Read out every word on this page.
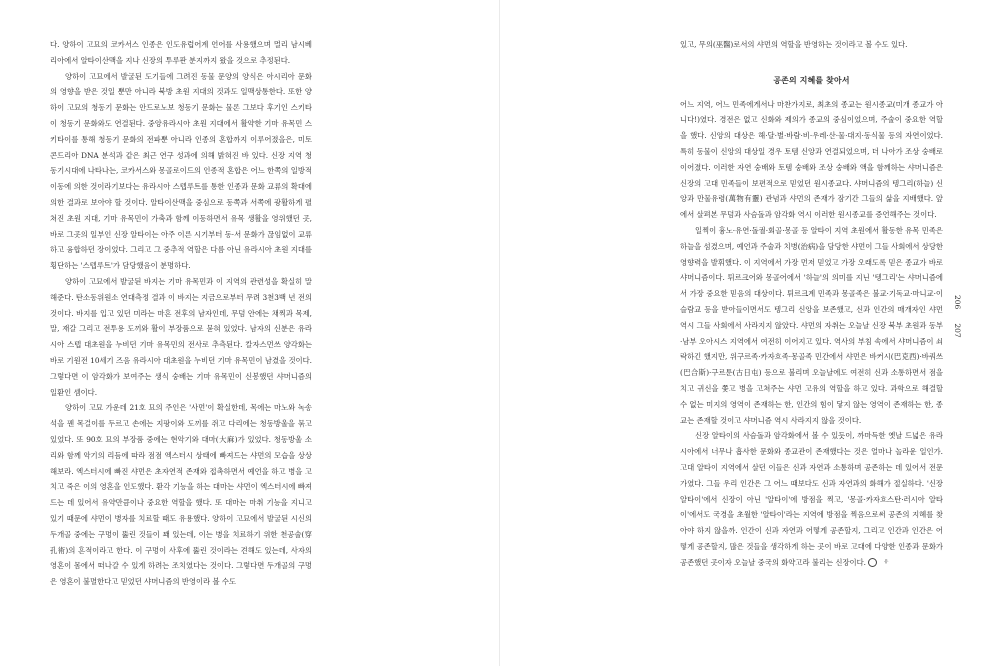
다. 양하이 고묘의 코카서스 인종은 인도유럽어계 언어를 사용했으며 멀리 남시베리아에서 알타이산맥을 지나 신장의 투루판 분지까지 왔을 것으로 추정된다.

양하이 고묘에서 발굴된 도기들에 그려진 동물 문양의 양식은 아시리아 문화의 영향을 받은 것일 뿐만 아니라 북방 초원 지대의 것과도 일맥상통한다. 또한 양하이 고묘의 청동기 문화는 안드로노보 청동기 문화는 물론 그보다 후기인 스키타이 청동기 문화와도 연결된다. 중앙유라시아 초원 지대에서 활약한 기마 유목민 스키타이를 통해 청동기 문화의 전파뿐 아니라 인종의 혼합까지 이루어졌을은, 미토콘드리아 DNA 분석과 같은 최근 연구 성과에 의해 밝혀진 바 있다. 신장 지역 청동기시대에 나타나는, 코카서스와 몽골로이드의 인종적 혼합은 어느 한쪽의 일방적 이동에 의한 것이라기보다는 유라시아 스텝루트를 통한 인종과 문화 교류의 확대에 의한 결과로 보아야 할 것이다. 알타이산맥을 중심으로 동쪽과 서쪽에 광활하게 펼쳐진 초원 지대, 기마 유목민이 가축과 함께 이동하면서 유목 생활을 영위했던 곳, 바로 그곳의 일부인 신장 알타이는 아주 이른 시기부터 동·서 문화가 끊임없이 교류하고 융합하던 장이었다. 그리고 그 중추적 역할은 다름 아닌 유라시아 초원 지대를 횡단하는 '스텝루트'가 담당했음이 분명하다.

양하이 고묘에서 발굴된 바지는 기마 유목민과 이 지역의 관련성을 확실히 말해준다. 탄소동위원소 연대측정 결과 이 바지는 지금으로부터 무려 3천3백 년 전의 것이다. 바지를 입고 있던 미라는 마흔 전후의 남자인데, 무덤 안에는 채찍과 목제, 말, 재갈 그리고 전투용 도끼와 활이 부장품으로 묻혀 있었다. 남자의 신분은 유라시아 스텝 대초원을 누비던 기마 유목민의 전사로 추측된다. 칼자스먼쓰 양각화는 바로 기원전 10세기 즈음 유라시아 대초원을 누비던 기마 유목민이 남겼을 것이다. 그렇다면 이 암각화가 보여주는 생식 숭배는 기마 유목민이 신봉했던 샤머니즘의 일환인 셈이다.

양하이 고묘 가운데 21호 묘의 주인은 '사먼'이 확실한데, 목에는 마노와 녹송석을 꿴 목걸이를 두르고 손에는 지팡이와 도끼를 쥐고 다리에는 청동방울을 묶고 있었다. 또 90호 묘의 부장품 중에는 현악기와 대마(大麻)가 있었다. 청동방울 소리와 함께 악기의 리듬에 따라 점점 엑스터시 상태에 빠져드는 샤먼의 모습을 상상해보라. 엑스터시에 빠진 샤먼은 초자연적 존재와 접촉하면서 예언을 하고 병을 고치고 죽은 이의 영혼을 인도했다. 환각 기능을 하는 대마는 샤먼이 엑스터시에 빠져드는 데 있어서 유약만큼이나 중요한 역할을 했다. 또 대마는 마취 기능을 지니고 있기 때문에 샤먼이 병자를 치료할 때도 유용했다. 양하이 고묘에서 발굴된 시신의 두개골 중에는 구멍이 뚫린 것들이 꽤 있는데, 이는 병을 치료하기 위한 천공술(穿孔術)의 흔적이라고 한다. 이 구멍이 사후에 뚫린 것이라는 견해도 있는데, 사자의 영혼이 몸에서 떠나갈 수 있게 하려는 조치였다는 것이다. 그렇다면 두개골의 구멍은 영혼이 불멸한다고 믿었던 샤머니즘의 반영이라 볼 수도

있고, 무의(巫醫)로서의 샤먼의 역할을 반영하는 것이라고 볼 수도 있다.

공존의 지혜를 찾아서

어느 지역, 어느 민족에게서나 마찬가지로, 최초의 종교는 원시종교(미개 종교가 아니다!)였다. 경전은 없고 신화와 제의가 종교의 중심이었으며, 주술이 중요한 역할을 했다. 신앙의 대상은 해·달·별·바람·비·우레·산·물·대지·동식물 등의 자연이었다. 특히 동물이 신앙의 대상일 경우 토템 신앙과 연결되었으며, 더 나아가 조상 숭배로 이어졌다. 이러한 자연 숭배와 토템 숭배와 조상 숭배와 액을 함께하는 샤머니즘은 신장의 고대 민족들이 보편적으로 믿었던 원시종교다. 샤머니즘의 텡그리(하늘) 신앙과 만물유령(萬物有靈) 관념과 샤먼의 존재가 잠기간 그들의 삶을 지배했다. 앞에서 살펴본 무덤과 사슴돌과 암각화 역시 이러한 원시종교를 증언해주는 것이다.

일찍이 흉노·유연·돌궐·회골·몽골 등 알타이 지역 초원에서 활동한 유목 민족은 하늘을 섬겼으며, 예언과 주술과 치병(治病)을 담당한 샤먼이 그들 사회에서 상당한 영향력을 발휘했다. 이 지역에서 가장 먼저 믿었고 가장 오래도록 믿은 종교가 바로 샤머니즘이다. 튀르크어와 몽골어에서 '하늘'의 의미를 지닌 '텡그리'는 샤머니즘에서 가장 중요한 믿음의 대상이다. 튀르크계 민족과 몽골족은 불교·기독교·마니교·이슬람교 등을 받아들이면서도 텡그리 신앙을 보존했고, 신과 인간의 매개자인 샤먼 역시 그들 사회에서 사라지지 않았다. 샤먼의 자취는 오늘날 신장 북부 초원과 동부·남부 오아시스 지역에서 여전히 이어지고 있다. 역사의 부침 속에서 샤머니즘이 쇠락하긴 했지만, 위구르족·카자흐족·몽골족 민간에서 샤먼은 바커시(巴克西)·바쿼쓰(巴合斯)·구르툰(古日屯) 등으로 불리며 오늘날에도 여전히 신과 소통하면서 점을 치고 귀신을 쫓고 병을 고쳐주는 샤먼 고유의 역할을 하고 있다. 과학으로 해결할 수 없는 미지의 영역이 존재하는 한, 인간의 힘이 닿지 않는 영역이 존재하는 한, 종교는 존재할 것이고 샤머니즘 역시 사라지지 않을 것이다.

신장 알타이의 사슴돌과 암각화에서 볼 수 있듯이, 까마득한 옛날 드넓은 유라시아에서 너무나 흡사한 문화와 종교관이 존재했다는 것은 얼마나 놀라운 일인가. 고대 알타이 지역에서 살던 이들은 신과 자연과 소통하며 공존하는 데 있어서 전문가였다. 그들 우리 인간은 그 어느 때보다도 신과 자연과의 화해가 절실하다. '신장 알타이'에서 신장이 아닌 '알타이'에 방점을 찍고, '몽골·카자흐스탄·러시아 알타이'에서도 국경을 초월한 '알타이'라는 지역에 방점을 찍음으로써 공존의 지혜를 찾아야 하지 않을까. 인간이 신과 자연과 어떻게 공존할지, 그리고 인간과 인간은 어떻게 공존할지, 많은 것들을 생각하게 하는 곳이 바로 고대에 다양한 인종과 문화가 공존했던 곳이자 오늘날 중국의 화약고라 불리는 신장이다.	유

206207
